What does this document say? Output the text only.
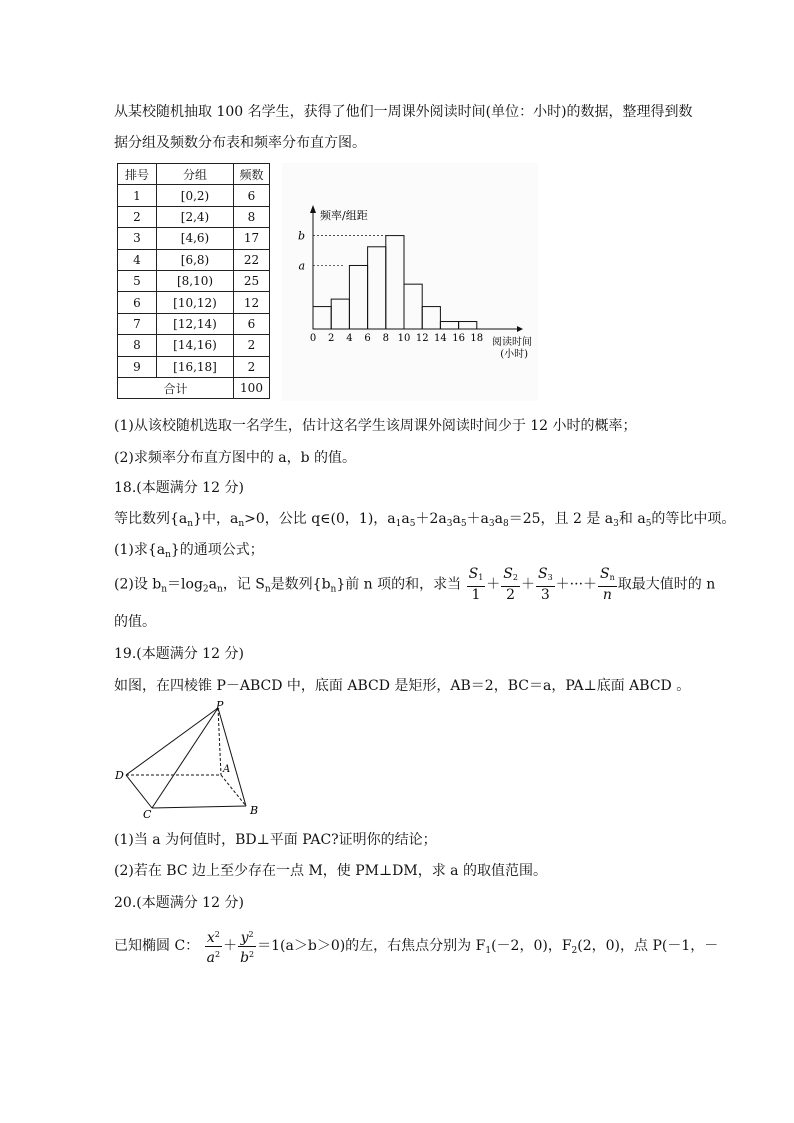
从某校随机抽取 100 名学生，获得了他们一周课外阅读时间(单位：小时)的数据，整理得到数
据分组及频数分布表和频率分布直方图。
排号	分组	频数
1	[0,2)	6
2	[2,4)	8
3	[4,6)	17
4	[6,8)	22
5	[8,10)	25
6	[10,12)	12
7	[12,14)	6
8	[14,16)	2
9	[16,18]	2
合计		100
0 2 4 6 8 10 12 14 16 18
频率/组距
b
a
阅读时间
(小时)
(1)从该校随机选取一名学生，估计这名学生该周课外阅读时间少于 12 小时的概率；
(2)求频率分布直方图中的 a，b 的值。
18.(本题满分 12 分)
等比数列$\{a_n\}$中，$a_n>0$，公比 q∈(0，1)，$a_1a_5+2a_3a_5+a_3a_8=25$，且 2 是 $a_3$和 $a_5$的等比中项。
(1)求$\{a_n\}$的通项公式；
(2)设 $b_n=\log_2a_n$，记 $S_n$是数列$\{b_n\}$前 n 项的和，求当 $\frac{S1}{1} + \frac{S2}{2} + \frac{S3}{3}$ ＋···＋ $\frac{Sn}{n}$ 取最大值时的 n
的值。
19.(本题满分 12 分)
如图，在四棱锥 P－ABCD 中，底面 ABCD 是矩形，AB＝2，BC＝a，PA⊥底面 ABCD 。
P
A
B
C
D
(1)当 a 为何值时，BD⊥平面 PAC?证明你的结论；
(2)若在 BC 边上至少存在一点 M，使 PM⊥DM，求 a 的取值范围。
20.(本题满分 12 分)
已知椭圆 C： $\frac{x^2}{a^2} + \frac{y^2}{b^2} =1(a>b>0)$的左，右焦点分别为 $F_1(-2$，0)，$F_2(2$，0)，点 P(－1，－
